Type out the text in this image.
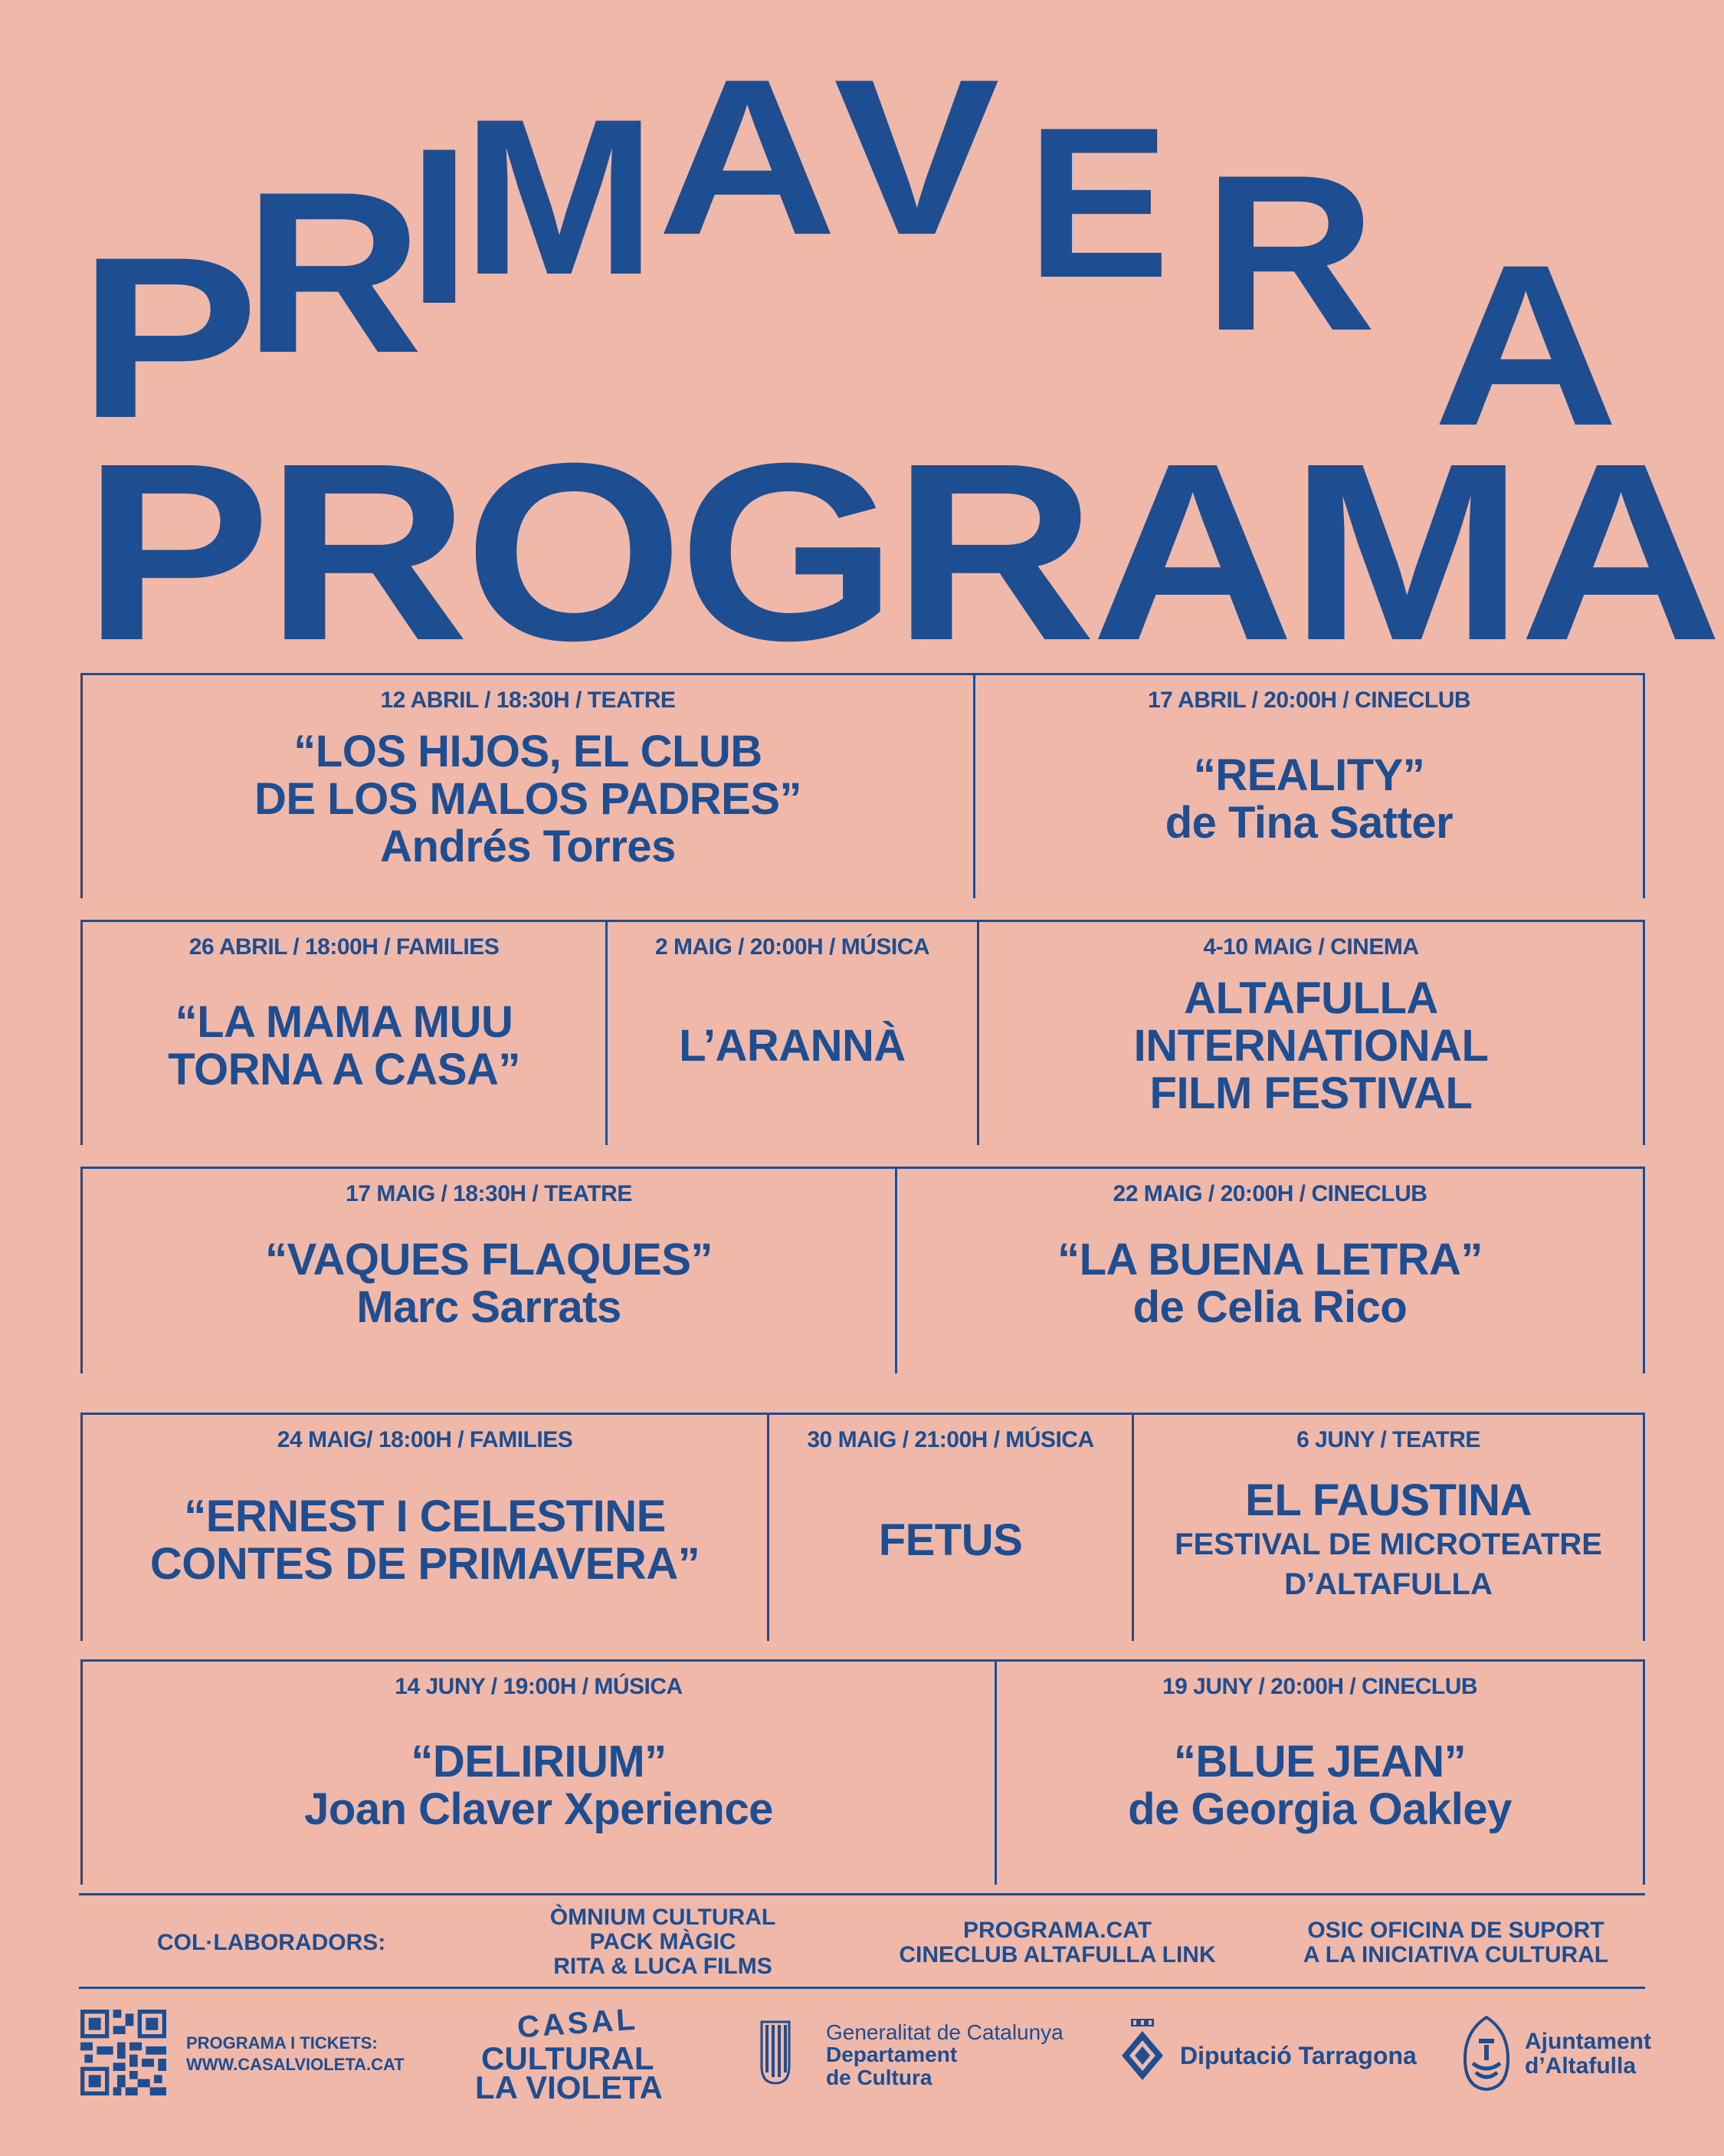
P
R
I
M A
V E R A
PROGRAMA
12 ABRIL / 18:30H / TEATRE
“LOS HIJOS, EL CLUB
DE LOS MALOS PADRES”
Andrés Torres
17 ABRIL / 20:00H / CINECLUB
“REALITY”
de Tina Satter
26 ABRIL / 18:00H / FAMILIES
“LA MAMA MUU
TORNA A CASA”
2 MAIG / 20:00H / MÚSICA
L’ARANNÀ
4-10 MAIG / CINEMA
ALTAFULLA
INTERNATIONAL
FILM FESTIVAL
17 MAIG / 18:30H / TEATRE
“VAQUES FLAQUES”
Marc Sarrats
22 MAIG / 20:00H / CINECLUB
“LA BUENA LETRA”
de Celia Rico
24 MAIG/ 18:00H / FAMILIES
“ERNEST I CELESTINE
CONTES DE PRIMAVERA”
30 MAIG / 21:00H / MÚSICA
FETUS
6 JUNY / TEATRE
EL FAUSTINA
FESTIVAL DE MICROTEATRE
D’ALTAFULLA
14 JUNY / 19:00H / MÚSICA
“DELIRIUM”
Joan Claver Xperience
19 JUNY / 20:00H / CINECLUB
“BLUE JEAN”
de Georgia Oakley
COL·LABORADORS:
ÒMNIUM CULTURAL
PACK MÀGIC
RITA & LUCA FILMS
PROGRAMA.CAT
CINECLUB ALTAFULLA LINK
OSIC OFICINA DE SUPORT
A LA INICIATIVA CULTURAL
PROGRAMA I TICKETS:
WWW.CASALVIOLETA.CAT
CASAL
CULTURAL
LA VIOLETA
Generalitat de Catalunya
Departament
de Cultura
Diputació Tarragona
Ajuntament
d’Altafulla
